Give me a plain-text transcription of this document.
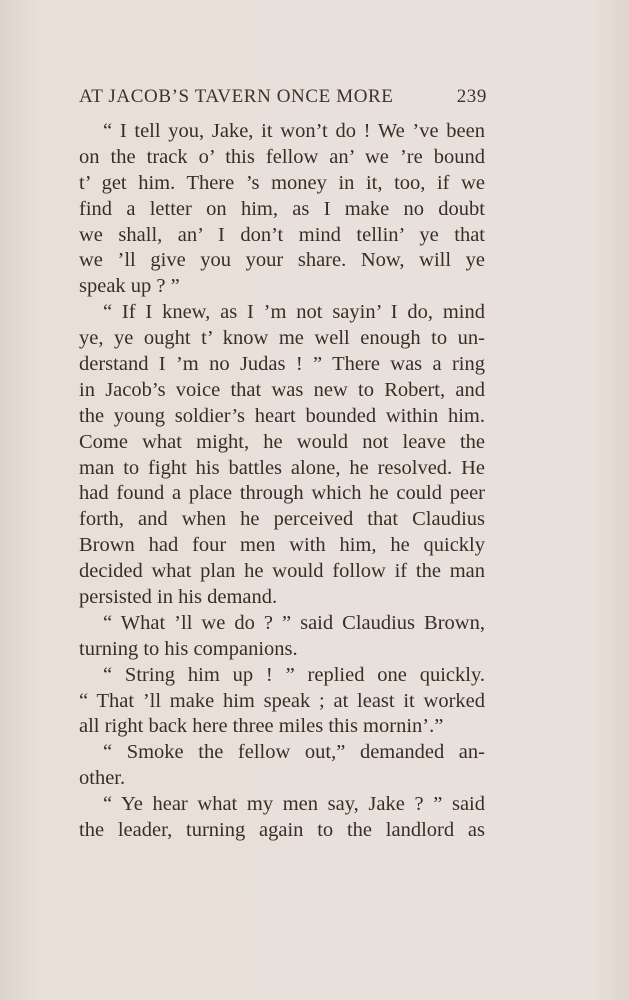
AT JACOB’S TAVERN ONCE MORE	239
“ I tell you, Jake, it won’t do ! We ’ve been
on the track o’ this fellow an’ we ’re bound
t’ get him. There ’s money in it, too, if we
find a letter on him, as I make no doubt
we shall, an’ I don’t mind tellin’ ye that
we ’ll give you your share. Now, will ye
speak up ? ”
“ If I knew, as I ’m not sayin’ I do, mind
ye, ye ought t’ know me well enough to un-
derstand I ’m no Judas ! ” There was a ring
in Jacob’s voice that was new to Robert, and
the young soldier’s heart bounded within him.
Come what might, he would not leave the
man to fight his battles alone, he resolved. He
had found a place through which he could peer
forth, and when he perceived that Claudius
Brown had four men with him, he quickly
decided what plan he would follow if the man
persisted in his demand.
“ What ’ll we do ? ” said Claudius Brown,
turning to his companions.
“ String him up ! ” replied one quickly.
“ That ’ll make him speak ; at least it worked
all right back here three miles this mornin’.”
“ Smoke the fellow out,” demanded an-
other.
“ Ye hear what my men say, Jake ? ” said
the leader, turning again to the landlord as
